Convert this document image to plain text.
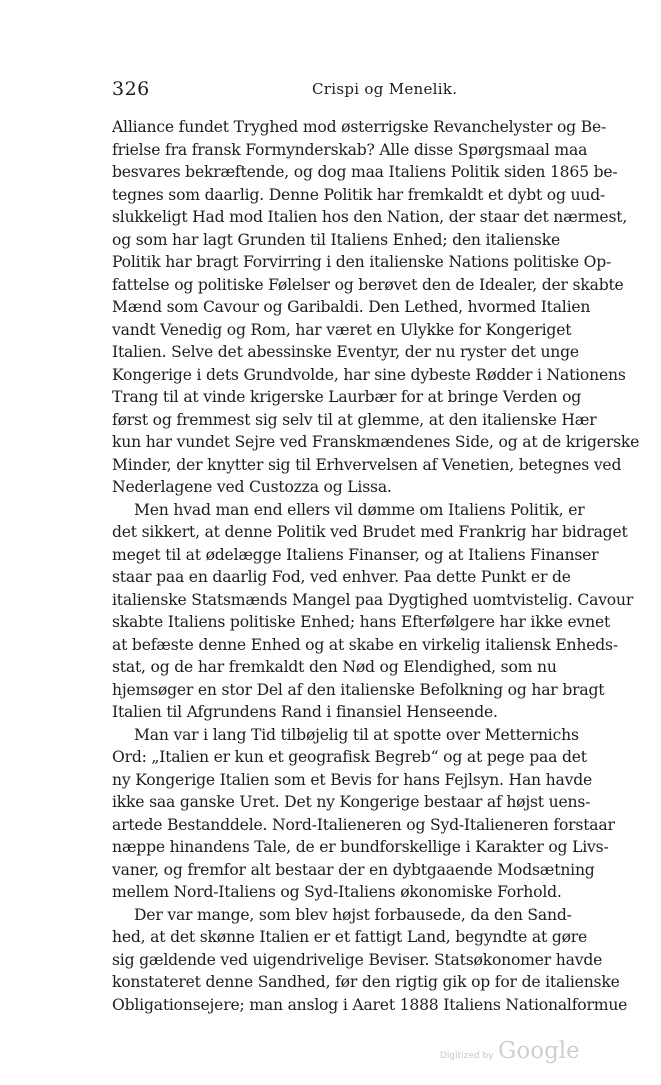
326	Crispi og Menelik.
Alliance fundet Tryghed mod østerrigske Revanchelyster og Be-
frielse fra fransk Formynderskab? Alle disse Spørgsmaal maa
besvares bekræftende, og dog maa Italiens Politik siden 1865 be-
tegnes som daarlig. Denne Politik har fremkaldt et dybt og uud-
slukkeligt Had mod Italien hos den Nation, der staar det nærmest,
og som har lagt Grunden til Italiens Enhed; den italienske
Politik har bragt Forvirring i den italienske Nations politiske Op-
fattelse og politiske Følelser og berøvet den de Idealer, der skabte
Mænd som Cavour og Garibaldi. Den Lethed, hvormed Italien
vandt Venedig og Rom, har været en Ulykke for Kongeriget
Italien. Selve det abessinske Eventyr, der nu ryster det unge
Kongerige i dets Grundvolde, har sine dybeste Rødder i Nationens
Trang til at vinde krigerske Laurbær for at bringe Verden og
først og fremmest sig selv til at glemme, at den italienske Hær
kun har vundet Sejre ved Franskmændenes Side, og at de krigerske
Minder, der knytter sig til Erhvervelsen af Venetien, betegnes ved
Nederlagene ved Custozza og Lissa.
Men hvad man end ellers vil dømme om Italiens Politik, er
det sikkert, at denne Politik ved Brudet med Frankrig har bidraget
meget til at ødelægge Italiens Finanser, og at Italiens Finanser
staar paa en daarlig Fod, ved enhver. Paa dette Punkt er de
italienske Statsmænds Mangel paa Dygtighed uomtvistelig. Cavour
skabte Italiens politiske Enhed; hans Efterfølgere har ikke evnet
at befæste denne Enhed og at skabe en virkelig italiensk Enheds-
stat, og de har fremkaldt den Nød og Elendighed, som nu
hjemsøger en stor Del af den italienske Befolkning og har bragt
Italien til Afgrundens Rand i finansiel Henseende.
Man var i lang Tid tilbøjelig til at spotte over Metternichs
Ord: „Italien er kun et geografisk Begreb“ og at pege paa det
ny Kongerige Italien som et Bevis for hans Fejlsyn. Han havde
ikke saa ganske Uret. Det ny Kongerige bestaar af højst uens-
artede Bestanddele. Nord-Italieneren og Syd-Italieneren forstaar
næppe hinandens Tale, de er bundforskellige i Karakter og Livs-
vaner, og fremfor alt bestaar der en dybtgaaende Modsætning
mellem Nord-Italiens og Syd-Italiens økonomiske Forhold.
Der var mange, som blev højst forbausede, da den Sand-
hed, at det skønne Italien er et fattigt Land, begyndte at gøre
sig gældende ved uigendrivelige Beviser. Statsøkonomer havde
konstateret denne Sandhed, før den rigtig gik op for de italienske
Obligationsejere; man anslog i Aaret 1888 Italiens Nationalformue
Digitized by Google
